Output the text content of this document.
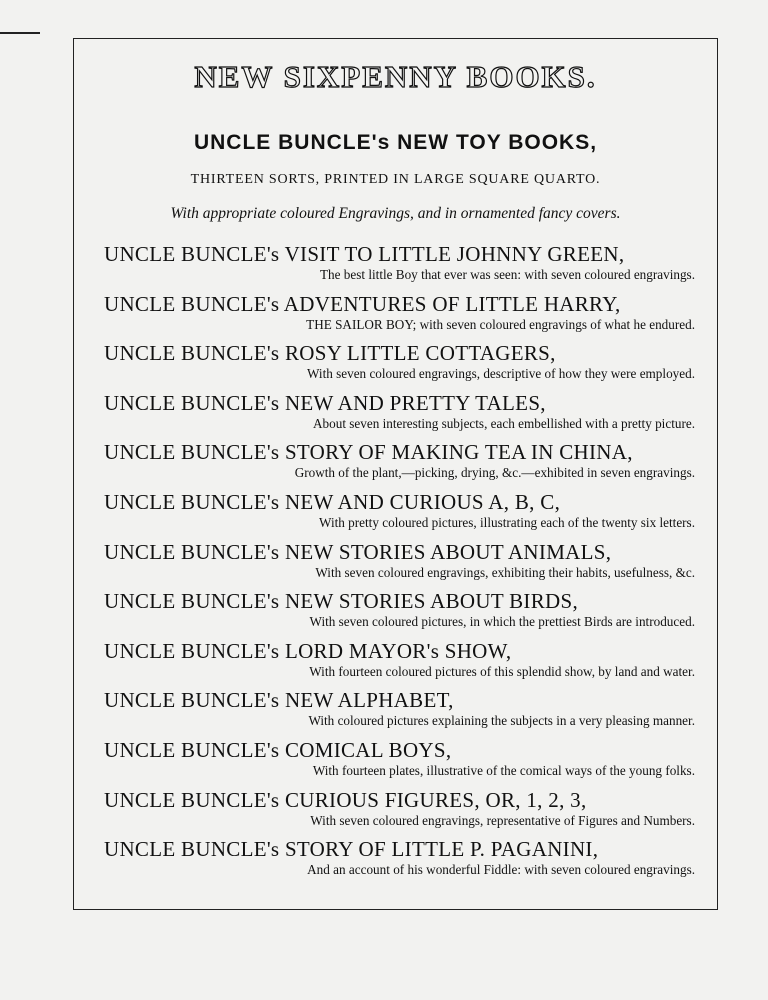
NEW SIXPENNY BOOKS.
UNCLE BUNCLE's NEW TOY BOOKS,
THIRTEEN SORTS, PRINTED IN LARGE SQUARE QUARTO.
With appropriate coloured Engravings, and in ornamented fancy covers.
UNCLE BUNCLE's VISIT TO LITTLE JOHNNY GREEN,
The best little Boy that ever was seen: with seven coloured engravings.
UNCLE BUNCLE's ADVENTURES OF LITTLE HARRY,
THE SAILOR BOY; with seven coloured engravings of what he endured.
UNCLE BUNCLE's ROSY LITTLE COTTAGERS,
With seven coloured engravings, descriptive of how they were employed.
UNCLE BUNCLE's NEW AND PRETTY TALES,
About seven interesting subjects, each embellished with a pretty picture.
UNCLE BUNCLE's STORY OF MAKING TEA IN CHINA,
Growth of the plant,—picking, drying, &c.—exhibited in seven engravings.
UNCLE BUNCLE's NEW AND CURIOUS A, B, C,
With pretty coloured pictures, illustrating each of the twenty six letters.
UNCLE BUNCLE's NEW STORIES ABOUT ANIMALS,
With seven coloured engravings, exhibiting their habits, usefulness, &c.
UNCLE BUNCLE's NEW STORIES ABOUT BIRDS,
With seven coloured pictures, in which the prettiest Birds are introduced.
UNCLE BUNCLE's LORD MAYOR's SHOW,
With fourteen coloured pictures of this splendid show, by land and water.
UNCLE BUNCLE's NEW ALPHABET,
With coloured pictures explaining the subjects in a very pleasing manner.
UNCLE BUNCLE's COMICAL BOYS,
With fourteen plates, illustrative of the comical ways of the young folks.
UNCLE BUNCLE's CURIOUS FIGURES, OR, 1, 2, 3,
With seven coloured engravings, representative of Figures and Numbers.
UNCLE BUNCLE's STORY OF LITTLE P. PAGANINI,
And an account of his wonderful Fiddle: with seven coloured engravings.
